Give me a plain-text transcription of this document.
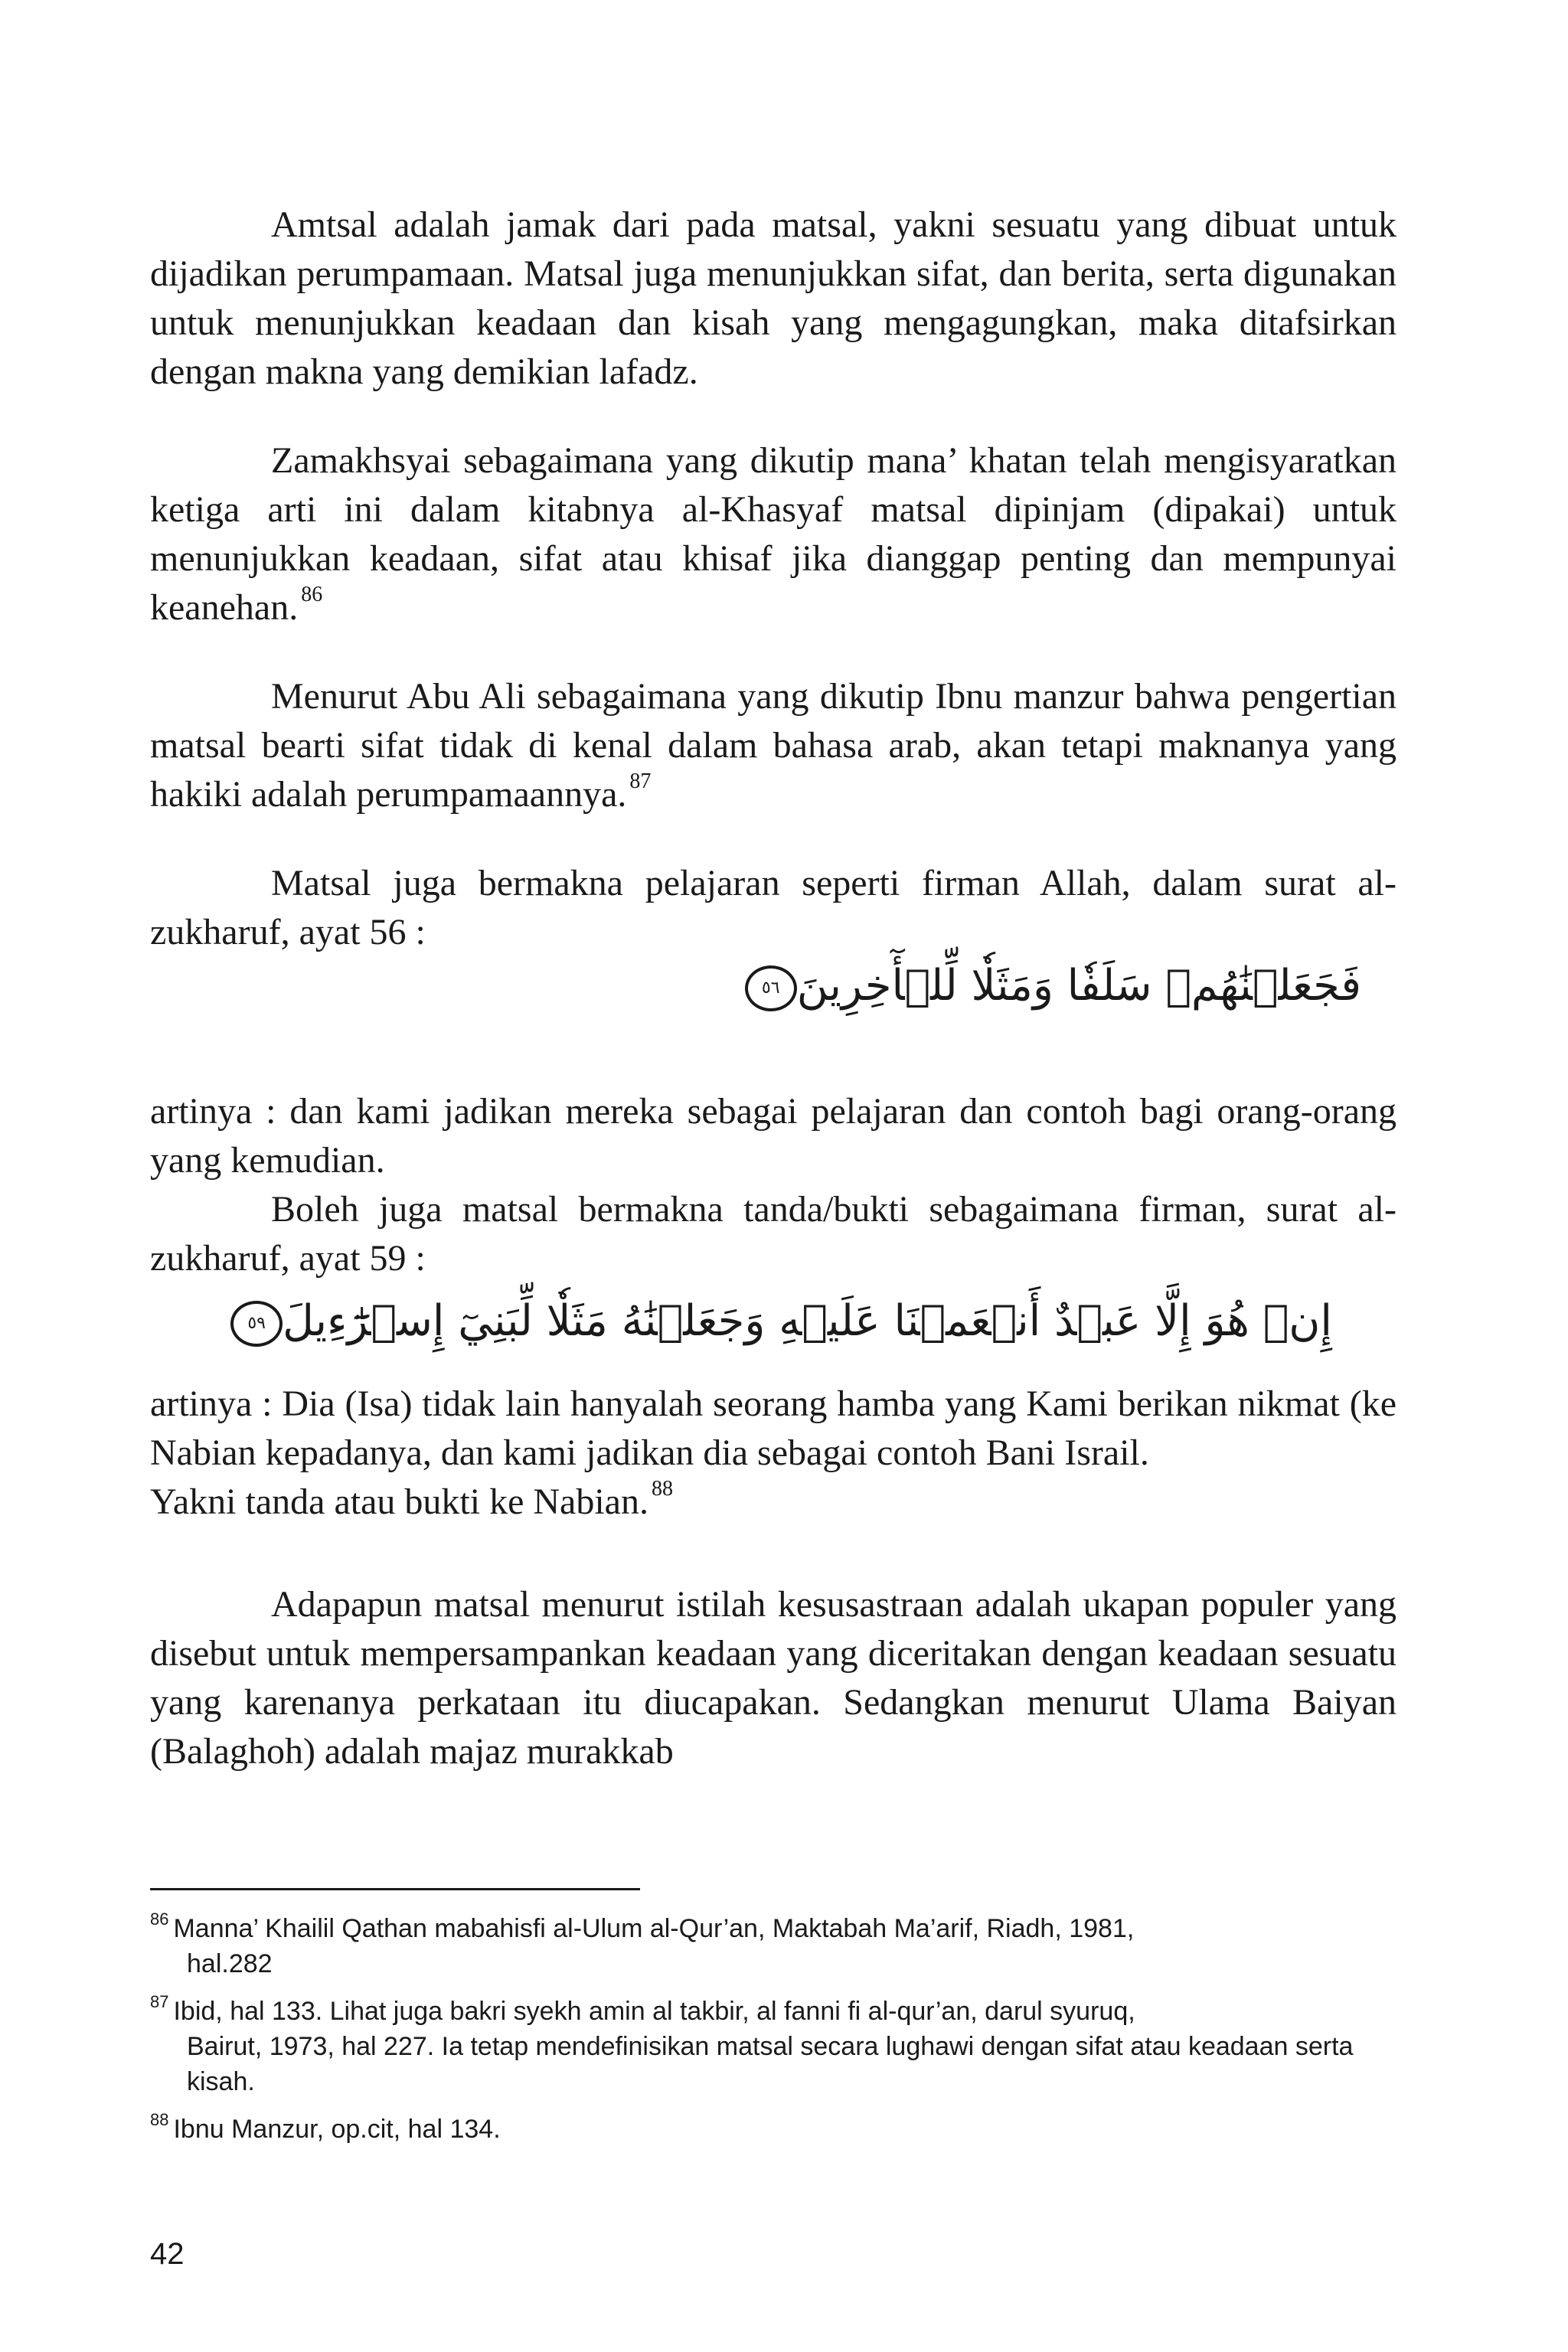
Amtsal adalah jamak dari pada matsal, yakni sesuatu yang dibuat untuk dijadikan perumpamaan. Matsal juga menunjukkan sifat, dan berita, serta digunakan untuk menunjukkan keadaan dan kisah yang mengagungkan, maka ditafsirkan dengan makna yang demikian lafadz.

Zamakhsyai sebagaimana yang dikutip mana’ khatan telah mengisyaratkan ketiga arti ini dalam kitabnya al-Khasyaf matsal dipinjam (dipakai) untuk menunjukkan keadaan, sifat atau khisaf jika dianggap penting dan mempunyai keanehan. $^{86}$

Menurut Abu Ali sebagaimana yang dikutip Ibnu manzur bahwa pengertian matsal bearti sifat tidak di kenal dalam bahasa arab, akan tetapi maknanya yang hakiki adalah perumpamaannya. $^{87}$

Matsal juga bermakna pelajaran seperti firman Allah, dalam surat al- zukharuf, ayat 56 :

فَجَعَلۡنَٰهُمۡ سَلَفٗا وَمَثَلٗا لِّلۡأٓخِرِينَ٥٦

artinya : dan kami jadikan mereka sebagai pelajaran dan contoh bagi orang-orang yang kemudian.

Boleh juga matsal bermakna tanda/bukti sebagaimana firman, surat al- zukharuf, ayat 59 :

إِنۡ هُوَ إِلَّا عَبۡدٌ أَنۡعَمۡنَا عَلَيۡهِ وَجَعَلۡنَٰهُ مَثَلٗا لِّبَنِيٓ إِسۡرَٰٓءِيلَ٥٩

artinya : Dia (Isa) tidak lain hanyalah seorang hamba yang Kami berikan nikmat (ke Nabian kepadanya, dan kami jadikan dia sebagai contoh Bani Israil.

Yakni tanda atau bukti ke Nabian. $^{88}$

Adapapun matsal menurut istilah kesusastraan adalah ukapan populer yang disebut untuk mempersampankan keadaan yang diceritakan dengan keadaan sesuatu yang karenanya perkataan itu diucapakan. Sedangkan menurut Ulama Baiyan (Balaghoh) adalah majaz murakkab

$^{86}$ Manna’ Khailil Qathan mabahisfi al-Ulum al-Qur’an, Maktabah Ma’arif, Riadh, 1981,
hal.282

$^{87}$ Ibid, hal 133. Lihat juga bakri syekh amin al takbir, al fanni fi al-qur’an, darul syuruq,
Bairut, 1973, hal 227. Ia tetap mendefinisikan matsal secara lughawi dengan sifat atau keadaan serta kisah.

$^{88}$ Ibnu Manzur, op.cit, hal 134.

42
